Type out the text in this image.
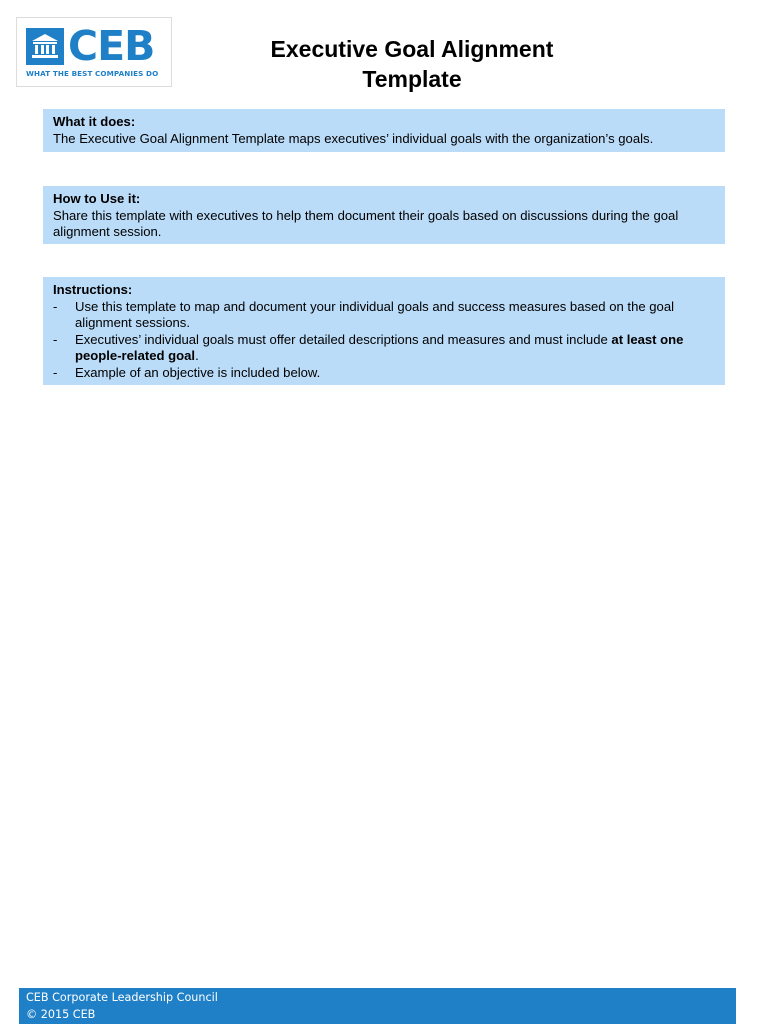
CEB
WHAT THE BEST COMPANIES DO
Executive Goal Alignment
Template
What it does:
The Executive Goal Alignment Template maps executives’ individual goals with the organization’s goals.
How to Use it:
Share this template with executives to help them document their goals based on discussions during the goal alignment session.
Instructions:
- Use this template to map and document your individual goals and success measures based on the goal alignment sessions.
- Executives’ individual goals must offer detailed descriptions and measures and must include at least one people-related goal.
- Example of an objective is included below.
CEB Corporate Leadership Council
© 2015 CEB
